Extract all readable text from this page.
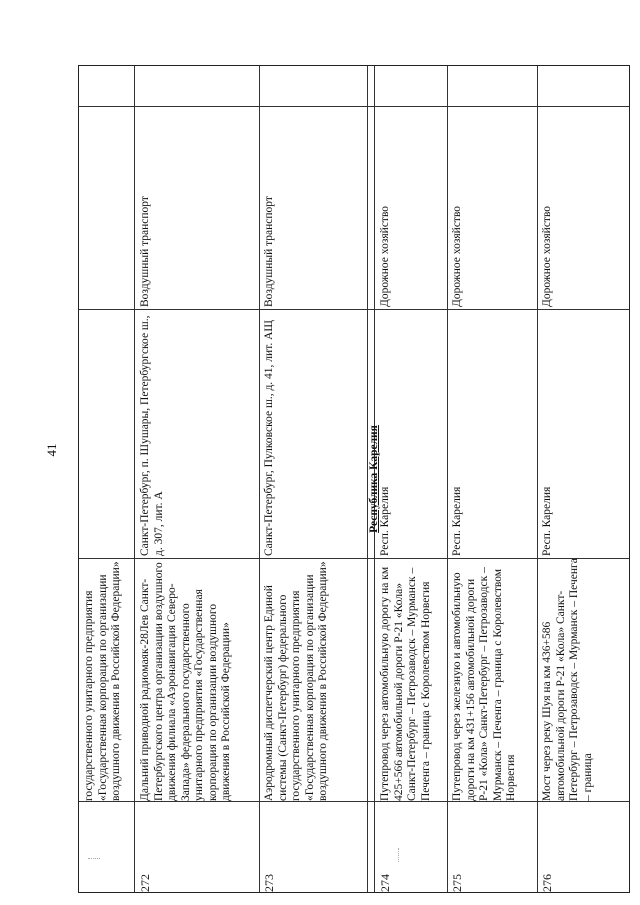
41
государственного унитарного предприятия «Государственная корпорация по организации воздушного движения в Российской Федерации»
272
Дальний приводной радиомаяк-28Лев Санкт-Петербургского центра организации воздушного движения филиала «Аэронавигация Северо-Запада» федерального государственного унитарного предприятия «Государственная корпорация по организации воздушного движения в Российской Федерации»
Санкт-Петербург, п. Шушары, Петербургское ш., д. 307, лит. А
Воздушный транспорт
273
Аэродромный диспетчерский центр Единой системы (Санкт-Петербург) федерального государственного унитарного предприятия «Государственная корпорация по организации воздушного движения в Российской Федерации»
Санкт-Петербург, Пулковское ш., д. 41, лит. АЩ
Воздушный транспорт
Республика Карелия
274
Путепровод через автомобильную дорогу на км 425+566 автомобильной дороги Р-21 «Кола» Санкт-Петербург – Петрозаводск – Мурманск – Печенга – граница с Королевством Норвегия
Респ. Карелия
Дорожное хозяйство
275
Путепровод через железную и автомобильную дороги на км 431+156 автомобильной дороги Р-21 «Кола» Санкт-Петербург – Петрозаводск – Мурманск – Печенга – граница с Королевством Норвегия
Респ. Карелия
Дорожное хозяйство
276
Мост через реку Шуя на км 436+586 автомобильной дороги Р-21 «Кола» Санкт-Петербург – Петрозаводск – Мурманск – Печенга – граница
Респ. Карелия
Дорожное хозяйство
